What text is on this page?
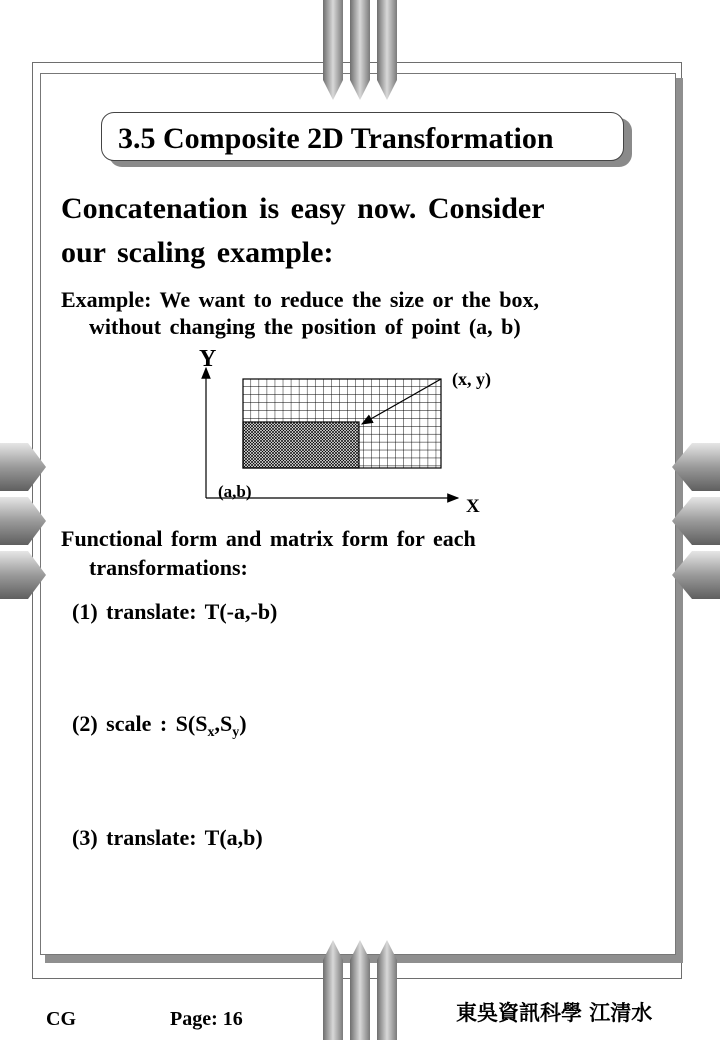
3.5 Composite 2D Transformation
Concatenation is easy now. Consider
our scaling example:
Example: We want to reduce the size or the box,
without changing the position of point (a, b)
Y
X
(x, y)
(a,b)
Functional form and matrix form for each
transformations:
(1) translate: T(-a,-b)
(2) scale : $S(S_x,S_y)$
(3) translate: T(a,b)
CG	Page: 16	東吳資訊科學 江清水
